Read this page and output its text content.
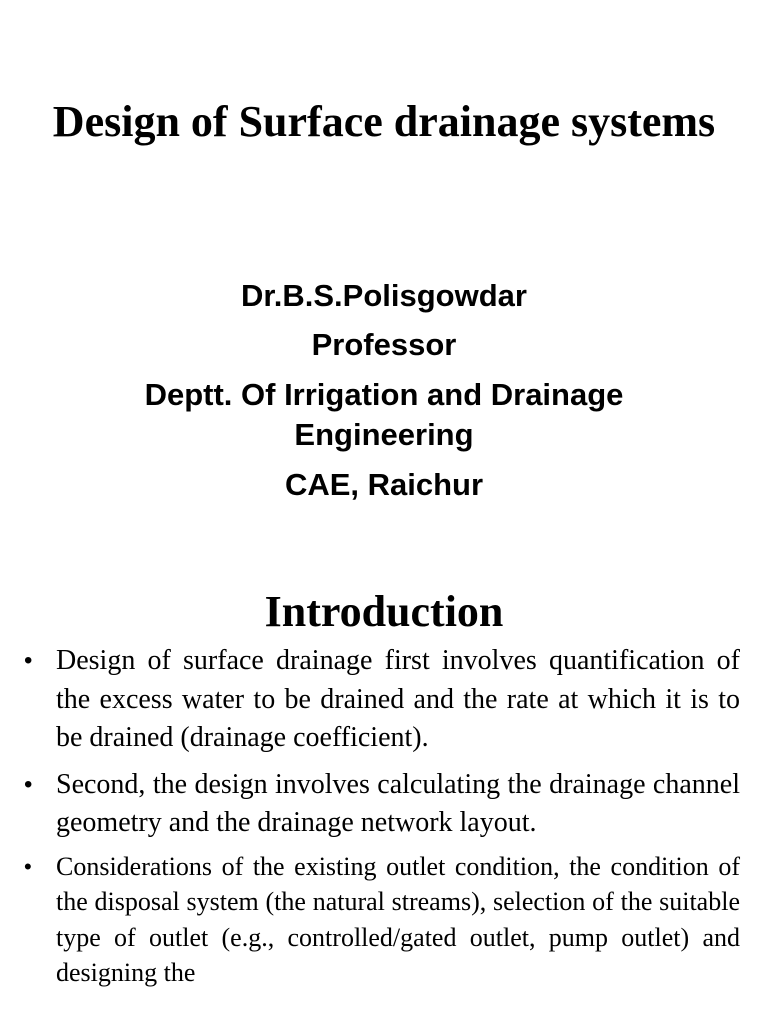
Design of Surface drainage systems
Dr.B.S.Polisgowdar
Professor
Deptt. Of Irrigation and Drainage Engineering
CAE, Raichur
Introduction
• Design of surface drainage first involves quantification of the excess water to be drained and the rate at which it is to be drained (drainage coefficient).
• Second, the design involves calculating the drainage channel geometry and the drainage network layout.
• Considerations of the existing outlet condition, the condition of the disposal system (the natural streams), selection of the suitable type of outlet (e.g., controlled/gated outlet, pump outlet) and designing the
